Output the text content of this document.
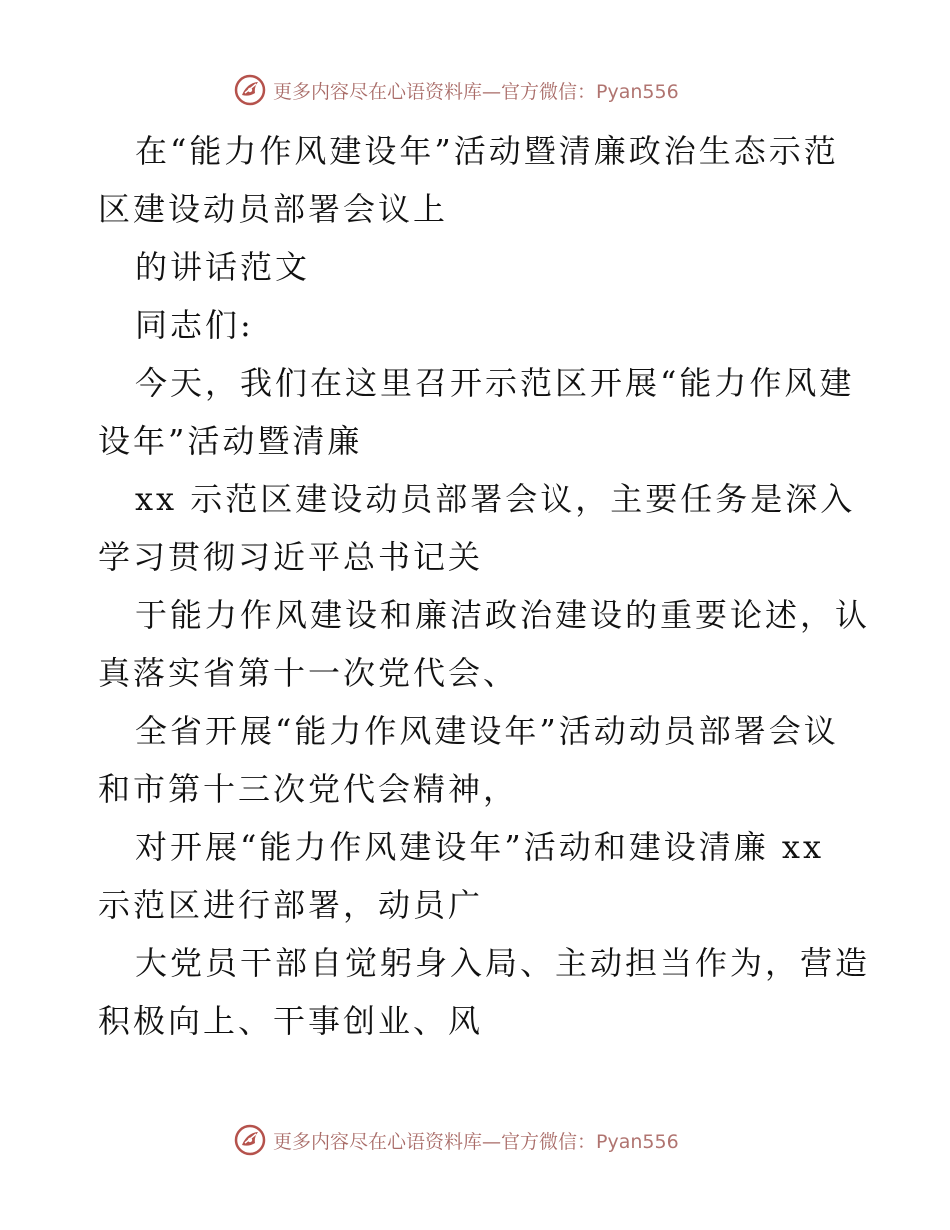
更多内容尽在心语资料库—官方微信：Pyan556
在“能力作风建设年”活动暨清廉政治生态示范
区建设动员部署会议上
的讲话范文
同志们:
今天，我们在这里召开示范区开展“能力作风建
设年”活动暨清廉
xx 示范区建设动员部署会议，主要任务是深入
学习贯彻习近平总书记关
于能力作风建设和廉洁政治建设的重要论述，认
真落实省第十一次党代会、
全省开展“能力作风建设年”活动动员部署会议
和市第十三次党代会精神，
对开展“能力作风建设年”活动和建设清廉 xx
示范区进行部署，动员广
大党员干部自觉躬身入局、主动担当作为，营造
积极向上、干事创业、风
更多内容尽在心语资料库—官方微信：Pyan556
